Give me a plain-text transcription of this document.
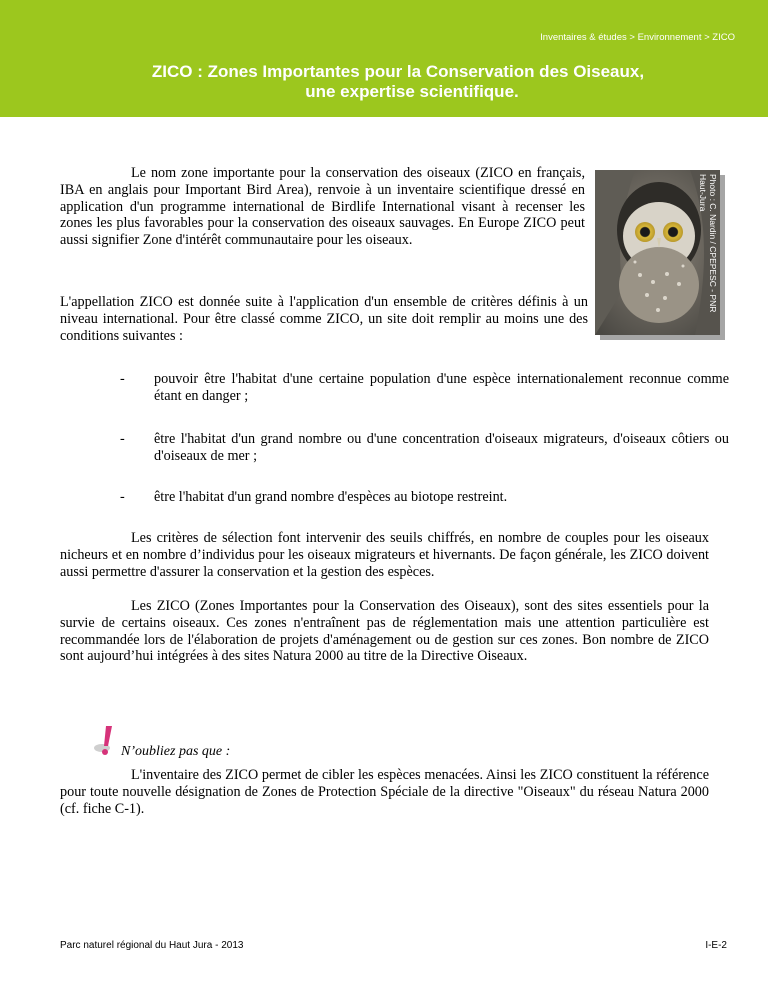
Inventaires & études > Environnement > ZICO
ZICO : Zones Importantes pour la Conservation des Oiseaux,
une expertise scientifique.

Le nom zone importante pour la conservation des oiseaux (ZICO en français, IBA en anglais pour Important Bird Area), renvoie à un inventaire scientifique dressé en application d'un programme international de Birdlife International visant à recenser les zones les plus favorables pour la conservation des oiseaux sauvages. En Europe ZICO peut aussi signifier Zone d'intérêt communautaire pour les oiseaux.	Photo : C. Nardin / CPEPESC - PNR Haut-Jura

L'appellation ZICO est donnée suite à l'application d'un ensemble de critères définis à un niveau international. Pour être classé comme ZICO, un site doit remplir au moins une des conditions suivantes :

- pouvoir être l'habitat d'une certaine population d'une espèce internationalement reconnue comme étant en danger ;
- être l'habitat d'un grand nombre ou d'une concentration d'oiseaux migrateurs, d'oiseaux côtiers ou d'oiseaux de mer ;
- être l'habitat d'un grand nombre d'espèces au biotope restreint.

Les critères de sélection font intervenir des seuils chiffrés, en nombre de couples pour les oiseaux nicheurs et en nombre d’individus pour les oiseaux migrateurs et hivernants. De façon générale, les ZICO doivent aussi permettre d'assurer la conservation et la gestion des espèces.

Les ZICO (Zones Importantes pour la Conservation des Oiseaux), sont des sites essentiels pour la survie de certains oiseaux. Ces zones n'entraînent pas de réglementation mais une attention particulière est recommandée lors de l'élaboration de projets d'aménagement ou de gestion sur ces zones. Bon nombre de ZICO sont aujourd’hui intégrées à des sites Natura 2000 au titre de la Directive Oiseaux.

N’oubliez pas que :

L'inventaire des ZICO permet de cibler les espèces menacées. Ainsi les ZICO constituent la référence pour toute nouvelle désignation de Zones de Protection Spéciale de la directive "Oiseaux" du réseau Natura 2000 (cf. fiche C-1).

Parc naturel régional du Haut Jura - 2013	I-E-2
